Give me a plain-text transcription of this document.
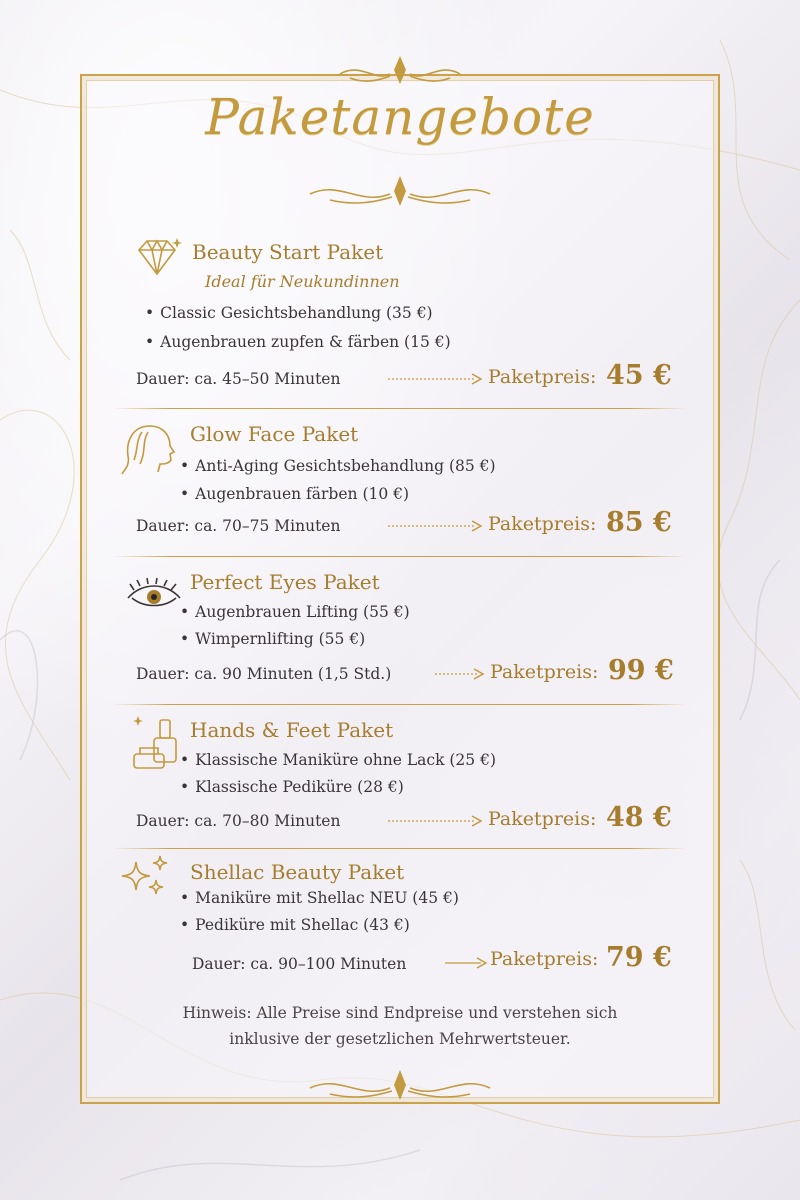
Paketangebote
Beauty Start Paket
Ideal für Neukundinnen
• Classic Gesichtsbehandlung (35 €)
• Augenbrauen zupfen & färben (15 €)
Dauer: ca. 45–50 Minuten	Paketpreis: 45 €
Glow Face Paket
• Anti-Aging Gesichtsbehandlung (85 €)
• Augenbrauen färben (10 €)
Dauer: ca. 70–75 Minuten	Paketpreis: 85 €
Perfect Eyes Paket
• Augenbrauen Lifting (55 €)
• Wimpernlifting (55 €)
Dauer: ca. 90 Minuten (1,5 Std.)	Paketpreis: 99 €
Hands & Feet Paket
• Klassische Maniküre ohne Lack (25 €)
• Klassische Pediküre (28 €)
Dauer: ca. 70–80 Minuten	Paketpreis: 48 €
Shellac Beauty Paket
• Maniküre mit Shellac NEU (45 €)
• Pediküre mit Shellac (43 €)
Dauer: ca. 90–100 Minuten	Paketpreis: 79 €
Hinweis: Alle Preise sind Endpreise und verstehen sich inklusive der gesetzlichen Mehrwertsteuer.
